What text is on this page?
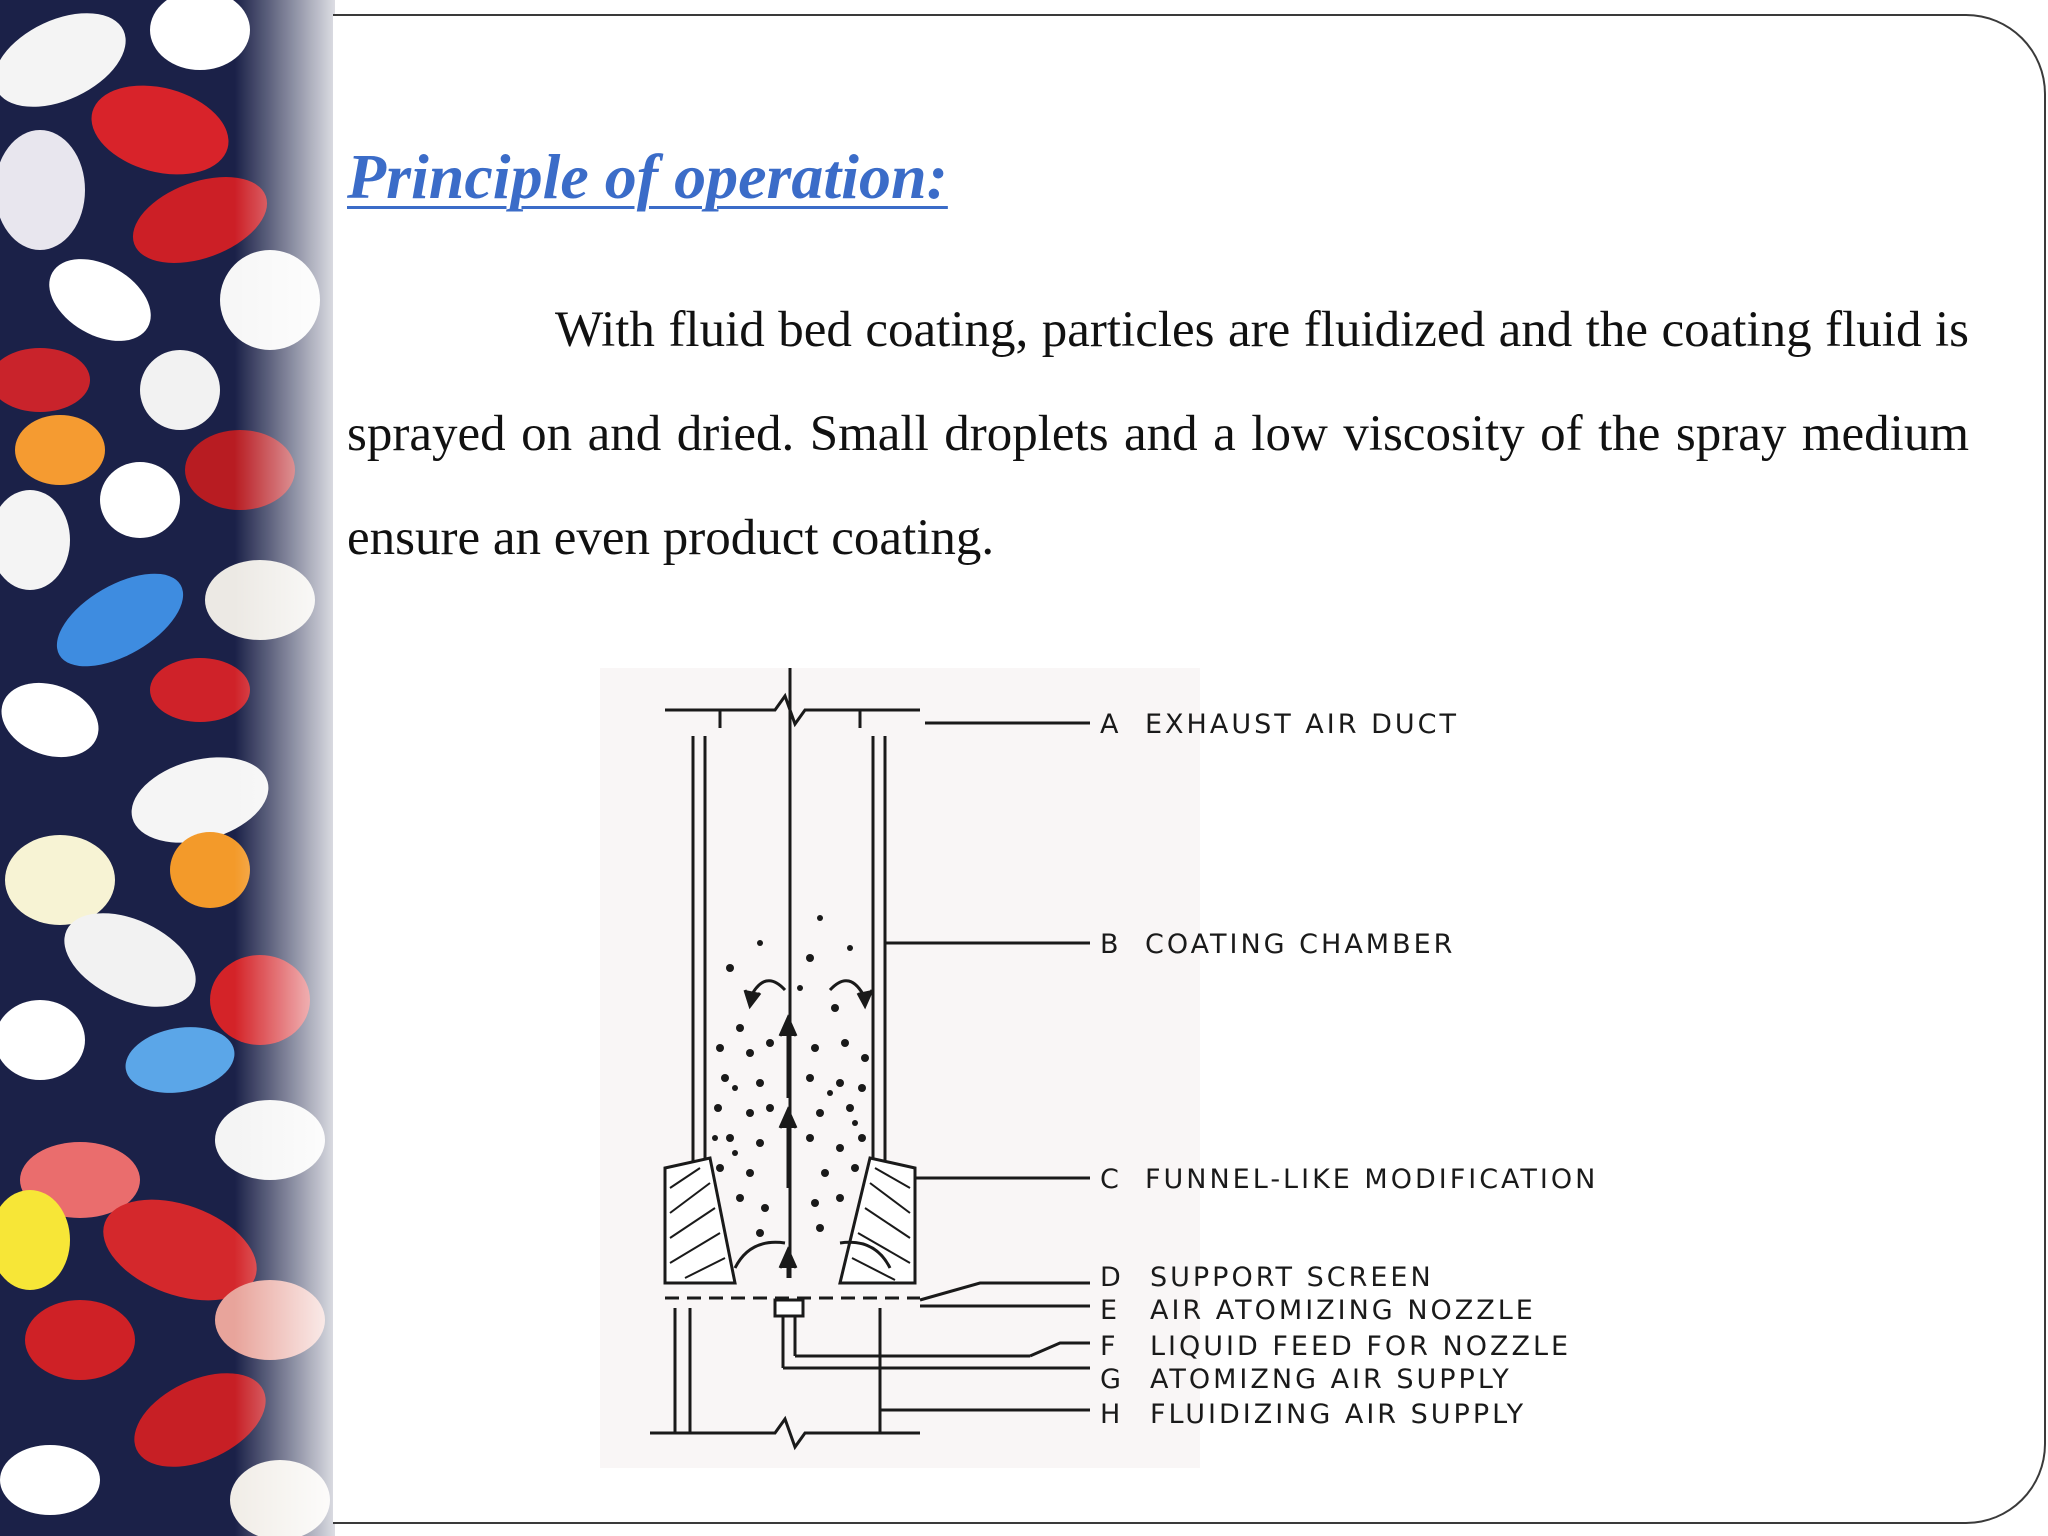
Principle of operation:

With fluid bed coating, particles are fluidized and the coating fluid is sprayed on and dried. Small droplets and a low viscosity of the spray medium ensure an even product coating.

A EXHAUST AIR DUCT
B COATING CHAMBER
C FUNNEL-LIKE MODIFICATION
D SUPPORT SCREEN
E AIR ATOMIZING NOZZLE
F LIQUID FEED FOR NOZZLE
G ATOMIZNG AIR SUPPLY
H FLUIDIZING AIR SUPPLY
